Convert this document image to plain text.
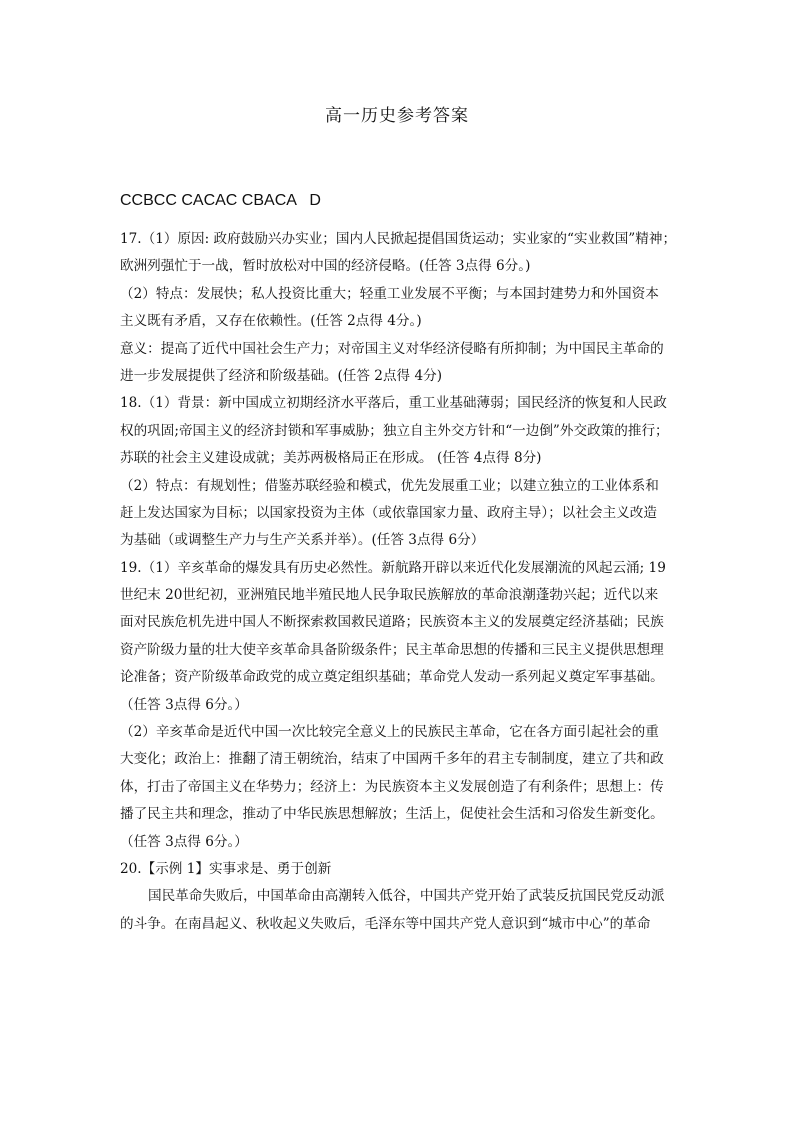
高一历史参考答案
CCBCC CACAC CBACA   D
17.（1）原因: 政府鼓励兴办实业；国内人民掀起提倡国货运动；实业家的“实业救国”精神；
欧洲列强忙于一战，暂时放松对中国的经济侵略。(任答 3点得 6分。)
（2）特点：发展快；私人投资比重大；轻重工业发展不平衡；与本国封建势力和外国资本
主义既有矛盾，又存在依赖性。(任答 2点得 4分。)
意义：提高了近代中国社会生产力；对帝国主义对华经济侵略有所抑制；为中国民主革命的
进一步发展提供了经济和阶级基础。(任答 2点得 4分)
18.（1）背景：新中国成立初期经济水平落后，重工业基础薄弱；国民经济的恢复和人民政
权的巩固;帝国主义的经济封锁和军事威胁；独立自主外交方针和“一边倒”外交政策的推行；
苏联的社会主义建设成就；美苏两极格局正在形成。 (任答 4点得 8分)
（2）特点：有规划性；借鉴苏联经验和模式，优先发展重工业；以建立独立的工业体系和
赶上发达国家为目标；以国家投资为主体（或依靠国家力量、政府主导）；以社会主义改造
为基础（或调整生产力与生产关系并举）。(任答 3点得 6分）
19.（1）辛亥革命的爆发具有历史必然性。新航路开辟以来近代化发展潮流的风起云涌; 19
世纪末 20世纪初，亚洲殖民地半殖民地人民争取民族解放的革命浪潮蓬勃兴起；近代以来
面对民族危机先进中国人不断探索救国救民道路；民族资本主义的发展奠定经济基础；民族
资产阶级力量的壮大使辛亥革命具备阶级条件；民主革命思想的传播和三民主义提供思想理
论准备；资产阶级革命政党的成立奠定组织基础；革命党人发动一系列起义奠定军事基础。
（任答 3点得 6分。）
（2）辛亥革命是近代中国一次比较完全意义上的民族民主革命，它在各方面引起社会的重
大变化；政治上：推翻了清王朝统治，结束了中国两千多年的君主专制制度，建立了共和政
体，打击了帝国主义在华势力；经济上：为民族资本主义发展创造了有利条件；思想上：传
播了民主共和理念，推动了中华民族思想解放；生活上，促使社会生活和习俗发生新变化。
（任答 3点得 6分。）
20.【示例 1】实事求是、勇于创新
国民革命失败后，中国革命由高潮转入低谷，中国共产党开始了武装反抗国民党反动派
的斗争。在南昌起义、秋收起义失败后，毛泽东等中国共产党人意识到“城市中心”的革命
